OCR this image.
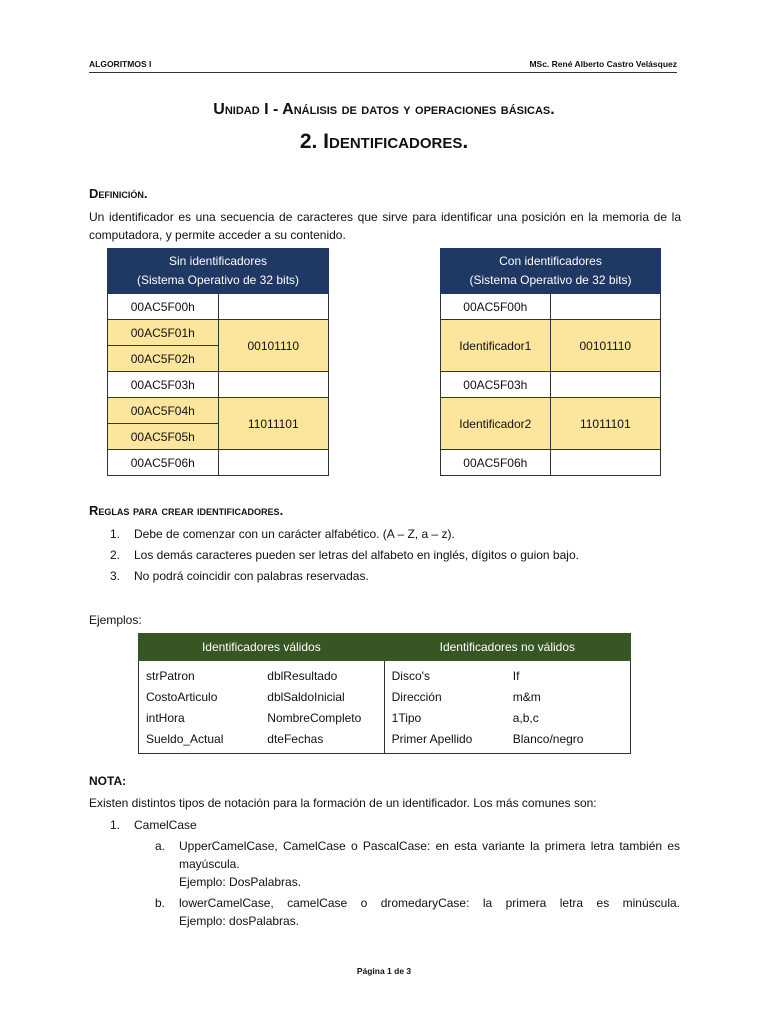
ALGORITMOS I	MSc. René Alberto Castro Velásquez
Unidad I - Análisis de datos y operaciones básicas.
2. Identificadores.
Definición.
Un identificador es una secuencia de caracteres que sirve para identificar una posición en la memoria de la computadora, y permite acceder a su contenido.
Sin identificadores
(Sistema Operativo de 32 bits)	
00AC5F00h	
00AC5F01h	00101110
00AC5F02h	
00AC5F03h	
00AC5F04h	11011101
00AC5F05h	
00AC5F06h	
Con identificadores
(Sistema Operativo de 32 bits)	
00AC5F00h	
Identificador1	00101110

00AC5F03h	
Identificador2	11011101

00AC5F06h	
Reglas para crear identificadores.
1. Debe de comenzar con un carácter alfabético. (A – Z, a – z).
2. Los demás caracteres pueden ser letras del alfabeto en inglés, dígitos o guion bajo.
3. No podrá coincidir con palabras reservadas.
Ejemplos:
Identificadores válidos		Identificadores no válidos	
strPatron	dblResultado	Disco's	If
CostoArticulo	dblSaldoInicial	Dirección	m&m
intHora	NombreCompleto	1Tipo	a,b,c
Sueldo_Actual	dteFechas	Primer Apellido	Blanco/negro
NOTA:
Existen distintos tipos de notación para la formación de un identificador. Los más comunes son:
1. CamelCase
a. UpperCamelCase, CamelCase o PascalCase: en esta variante la primera letra también es mayúscula.
Ejemplo: DosPalabras.
b. lowerCamelCase, camelCase o dromedaryCase: la primera letra es minúscula.
Ejemplo: dosPalabras.
Página 1 de 3
